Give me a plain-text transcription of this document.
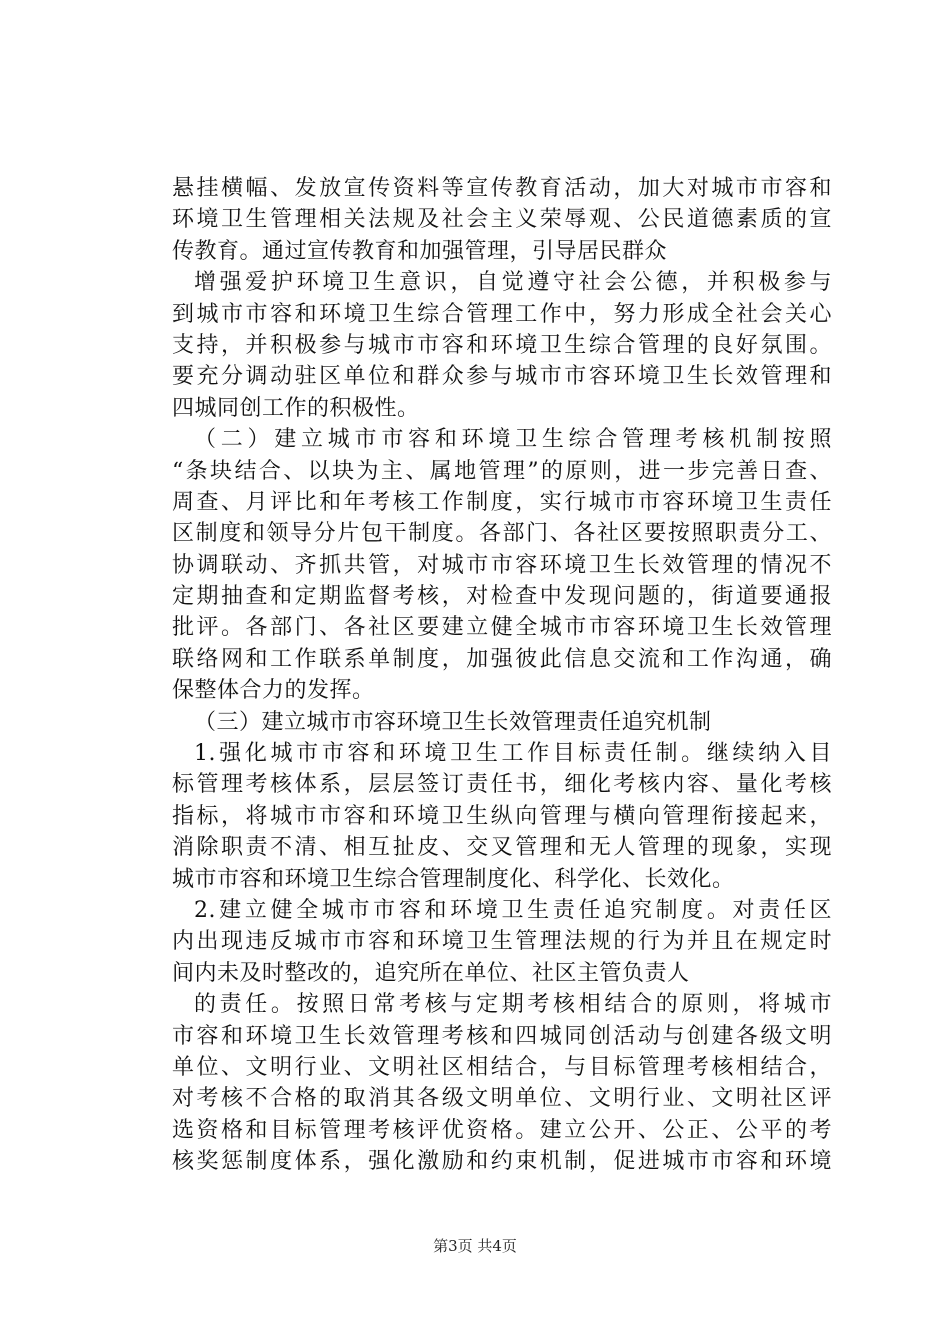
悬挂横幅、发放宣传资料等宣传教育活动，加大对城市市容和
环境卫生管理相关法规及社会主义荣辱观、公民道德素质的宣
传教育。通过宣传教育和加强管理，引导居民群众
增强爱护环境卫生意识，自觉遵守社会公德，并积极参与
到城市市容和环境卫生综合管理工作中，努力形成全社会关心
支持，并积极参与城市市容和环境卫生综合管理的良好氛围。
要充分调动驻区单位和群众参与城市市容环境卫生长效管理和
四城同创工作的积极性。
（二）建立城市市容和环境卫生综合管理考核机制按照
“条块结合、以块为主、属地管理”的原则，进一步完善日查、
周查、月评比和年考核工作制度，实行城市市容环境卫生责任
区制度和领导分片包干制度。各部门、各社区要按照职责分工、
协调联动、齐抓共管，对城市市容环境卫生长效管理的情况不
定期抽查和定期监督考核，对检查中发现问题的，街道要通报
批评。各部门、各社区要建立健全城市市容环境卫生长效管理
联络网和工作联系单制度，加强彼此信息交流和工作沟通，确
保整体合力的发挥。
（三）建立城市市容环境卫生长效管理责任追究机制
1.强化城市市容和环境卫生工作目标责任制。继续纳入目
标管理考核体系，层层签订责任书，细化考核内容、量化考核
指标，将城市市容和环境卫生纵向管理与横向管理衔接起来，
消除职责不清、相互扯皮、交叉管理和无人管理的现象，实现
城市市容和环境卫生综合管理制度化、科学化、长效化。
2.建立健全城市市容和环境卫生责任追究制度。对责任区
内出现违反城市市容和环境卫生管理法规的行为并且在规定时
间内未及时整改的，追究所在单位、社区主管负责人
的责任。按照日常考核与定期考核相结合的原则，将城市
市容和环境卫生长效管理考核和四城同创活动与创建各级文明
单位、文明行业、文明社区相结合，与目标管理考核相结合，
对考核不合格的取消其各级文明单位、文明行业、文明社区评
选资格和目标管理考核评优资格。建立公开、公正、公平的考
核奖惩制度体系，强化激励和约束机制，促进城市市容和环境
第3页 共4页
